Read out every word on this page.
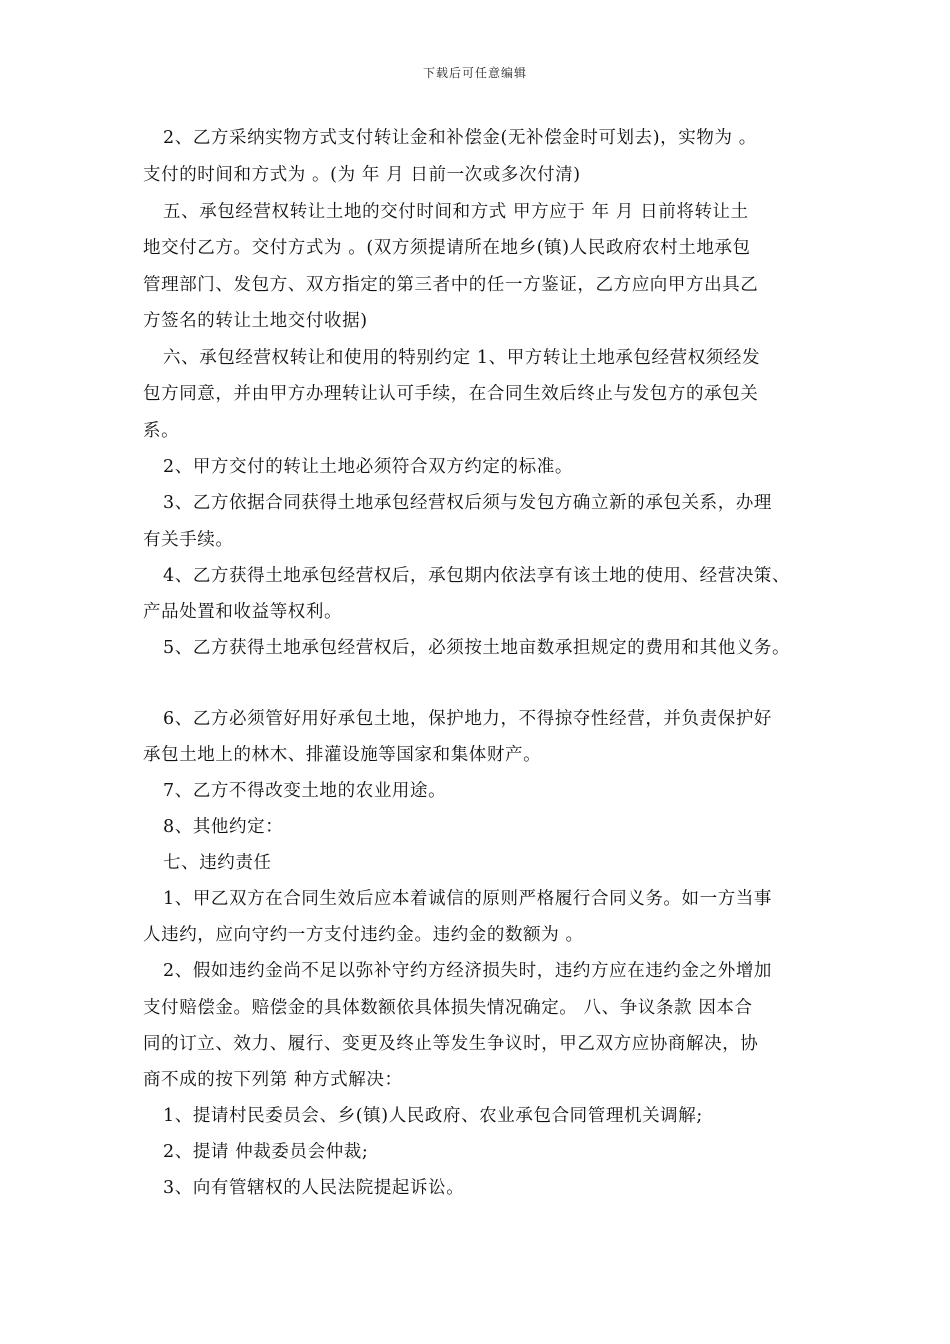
下载后可任意编辑
2、乙方采纳实物方式支付转让金和补偿金(无补偿金时可划去)，实物为 。
支付的时间和方式为 。(为 年 月 日前一次或多次付清)
五、承包经营权转让土地的交付时间和方式 甲方应于 年 月 日前将转让土
地交付乙方。交付方式为 。(双方须提请所在地乡(镇)人民政府农村土地承包
管理部门、发包方、双方指定的第三者中的任一方鉴证，乙方应向甲方出具乙
方签名的转让土地交付收据)
六、承包经营权转让和使用的特别约定 1、甲方转让土地承包经营权须经发
包方同意，并由甲方办理转让认可手续，在合同生效后终止与发包方的承包关
系。
2、甲方交付的转让土地必须符合双方约定的标准。
3、乙方依据合同获得土地承包经营权后须与发包方确立新的承包关系，办理
有关手续。
4、乙方获得土地承包经营权后，承包期内依法享有该土地的使用、经营决策、
产品处置和收益等权利。
5、乙方获得土地承包经营权后，必须按土地亩数承担规定的费用和其他义务。
6、乙方必须管好用好承包土地，保护地力，不得掠夺性经营，并负责保护好
承包土地上的林木、排灌设施等国家和集体财产。
7、乙方不得改变土地的农业用途。
8、其他约定：
七、违约责任
1、甲乙双方在合同生效后应本着诚信的原则严格履行合同义务。如一方当事
人违约，应向守约一方支付违约金。违约金的数额为 。
2、假如违约金尚不足以弥补守约方经济损失时，违约方应在违约金之外增加
支付赔偿金。赔偿金的具体数额依具体损失情况确定。 八、争议条款 因本合
同的订立、效力、履行、变更及终止等发生争议时，甲乙双方应协商解决，协
商不成的按下列第 种方式解决：
1、提请村民委员会、乡(镇)人民政府、农业承包合同管理机关调解;
2、提请 仲裁委员会仲裁;
3、向有管辖权的人民法院提起诉讼。
